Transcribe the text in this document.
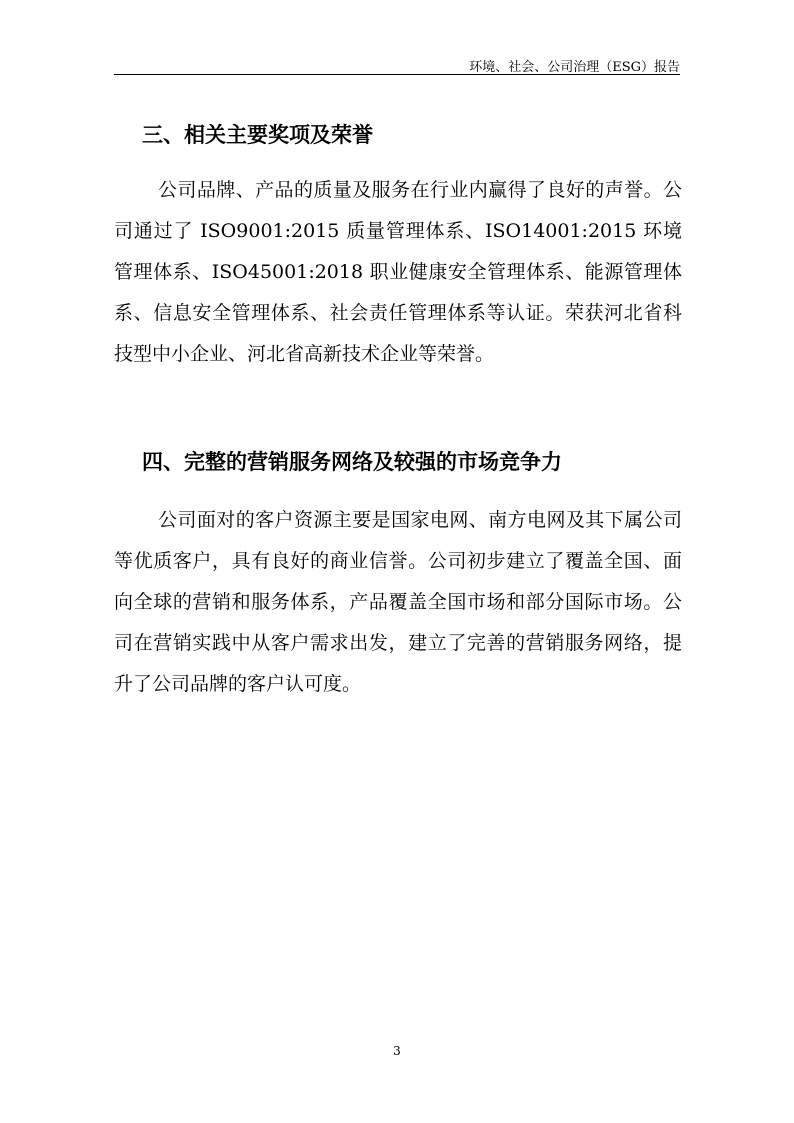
环境、社会、公司治理（ESG）报告
三、相关主要奖项及荣誉

公司品牌、产品的质量及服务在行业内赢得了良好的声誉。公司通过了 ISO9001:2015 质量管理体系、ISO14001:2015 环境管理体系、ISO45001:2018 职业健康安全管理体系、能源管理体系、信息安全管理体系、社会责任管理体系等认证。荣获河北省科技型中小企业、河北省高新技术企业等荣誉。

四、完整的营销服务网络及较强的市场竞争力

公司面对的客户资源主要是国家电网、南方电网及其下属公司等优质客户，具有良好的商业信誉。公司初步建立了覆盖全国、面向全球的营销和服务体系，产品覆盖全国市场和部分国际市场。公司在营销实践中从客户需求出发，建立了完善的营销服务网络，提升了公司品牌的客户认可度。

3
